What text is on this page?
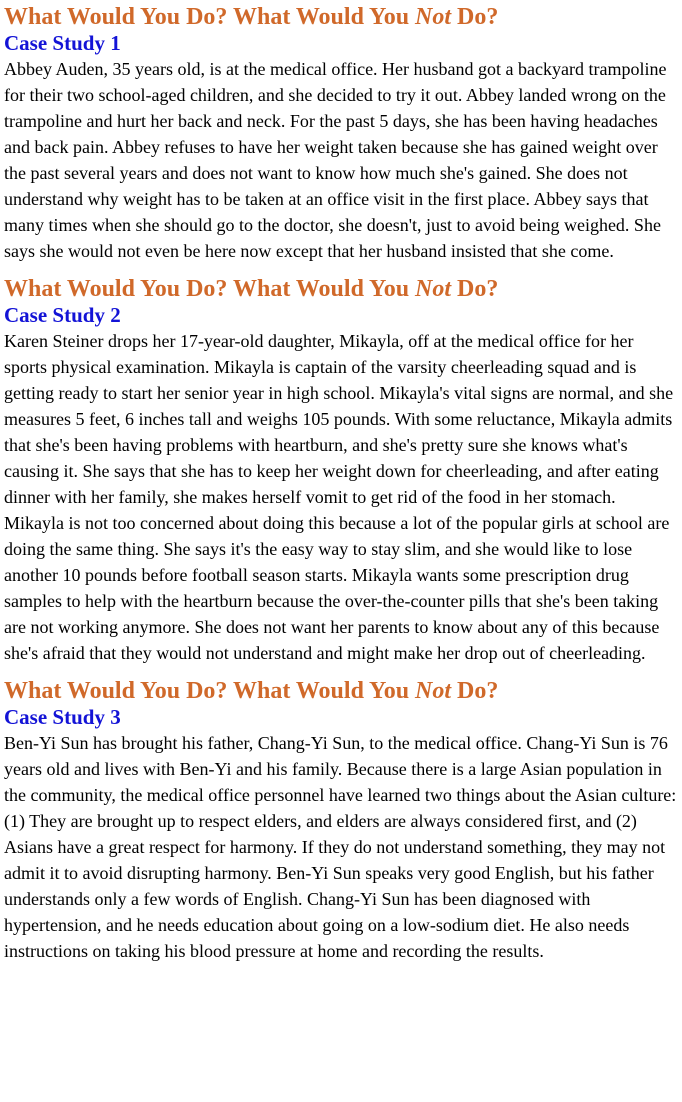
What Would You Do? What Would You Not Do?
Case Study 1

Abbey Auden, 35 years old, is at the medical office. Her husband got a backyard trampoline for their two school-aged children, and she decided to try it out. Abbey landed wrong on the trampoline and hurt her back and neck. For the past 5 days, she has been having headaches and back pain. Abbey refuses to have her weight taken because she has gained weight over the past several years and does not want to know how much she's gained. She does not understand why weight has to be taken at an office visit in the first place. Abbey says that many times when she should go to the doctor, she doesn't, just to avoid being weighed. She says she would not even be here now except that her husband insisted that she come.

What Would You Do? What Would You Not Do?
Case Study 2

Karen Steiner drops her 17-year-old daughter, Mikayla, off at the medical office for her sports physical examination. Mikayla is captain of the varsity cheerleading squad and is getting ready to start her senior year in high school. Mikayla's vital signs are normal, and she measures 5 feet, 6 inches tall and weighs 105 pounds. With some reluctance, Mikayla admits that she's been having problems with heartburn, and she's pretty sure she knows what's causing it. She says that she has to keep her weight down for cheerleading, and after eating dinner with her family, she makes herself vomit to get rid of the food in her stomach. Mikayla is not too concerned about doing this because a lot of the popular girls at school are doing the same thing. She says it's the easy way to stay slim, and she would like to lose another 10 pounds before football season starts. Mikayla wants some prescription drug samples to help with the heartburn because the over-the-counter pills that she's been taking are not working anymore. She does not want her parents to know about any of this because she's afraid that they would not understand and might make her drop out of cheerleading.

What Would You Do? What Would You Not Do?
Case Study 3

Ben-Yi Sun has brought his father, Chang-Yi Sun, to the medical office. Chang-Yi Sun is 76 years old and lives with Ben-Yi and his family. Because there is a large Asian population in the community, the medical office personnel have learned two things about the Asian culture: (1) They are brought up to respect elders, and elders are always considered first, and (2) Asians have a great respect for harmony. If they do not understand something, they may not admit it to avoid disrupting harmony. Ben-Yi Sun speaks very good English, but his father understands only a few words of English. Chang-Yi Sun has been diagnosed with hypertension, and he needs education about going on a low-sodium diet. He also needs instructions on taking his blood pressure at home and recording the results.
